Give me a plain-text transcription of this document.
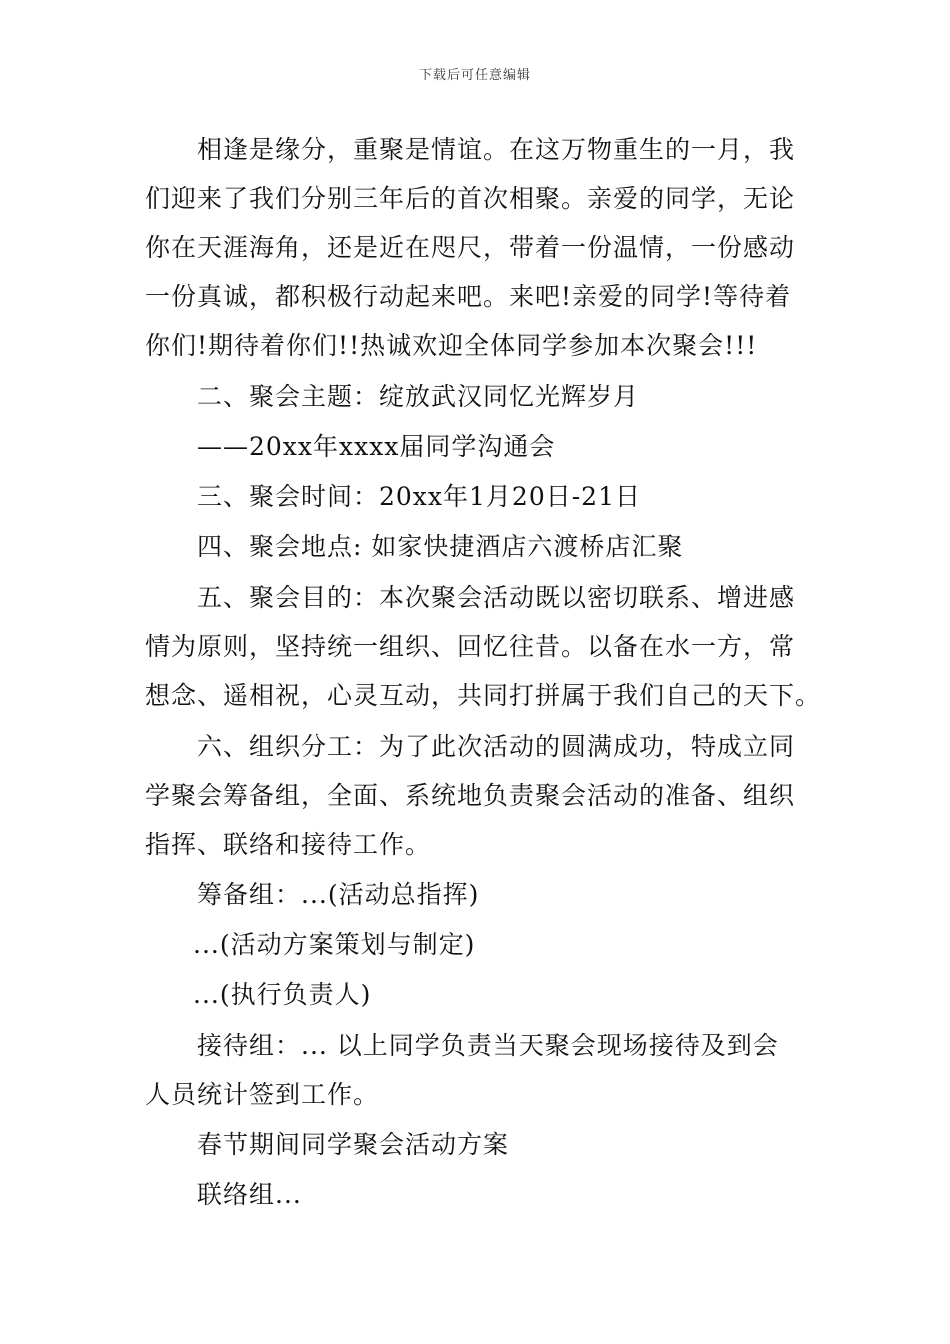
下载后可任意编辑

相逢是缘分，重聚是情谊。在这万物重生的一月，我

们迎来了我们分别三年后的首次相聚。亲爱的同学，无论

你在天涯海角，还是近在咫尺，带着一份温情，一份感动

一份真诚，都积极行动起来吧。来吧!亲爱的同学!等待着

你们!期待着你们!!热诚欢迎全体同学参加本次聚会!!!

二、聚会主题：绽放武汉同忆光辉岁月

——20xx年xxxx届同学沟通会

三、聚会时间：20xx年1月20日-21日

四、聚会地点: 如家快捷酒店六渡桥店汇聚

五、聚会目的：本次聚会活动既以密切联系、增进感

情为原则，坚持统一组织、回忆往昔。以备在水一方，常

想念、遥相祝，心灵互动，共同打拼属于我们自己的天下。

六、组织分工：为了此次活动的圆满成功，特成立同

学聚会筹备组，全面、系统地负责聚会活动的准备、组织

指挥、联络和接待工作。

筹备组：...(活动总指挥)

...(活动方案策划与制定)

...(执行负责人)

接待组：... 以上同学负责当天聚会现场接待及到会

人员统计签到工作。

春节期间同学聚会活动方案

联络组...
